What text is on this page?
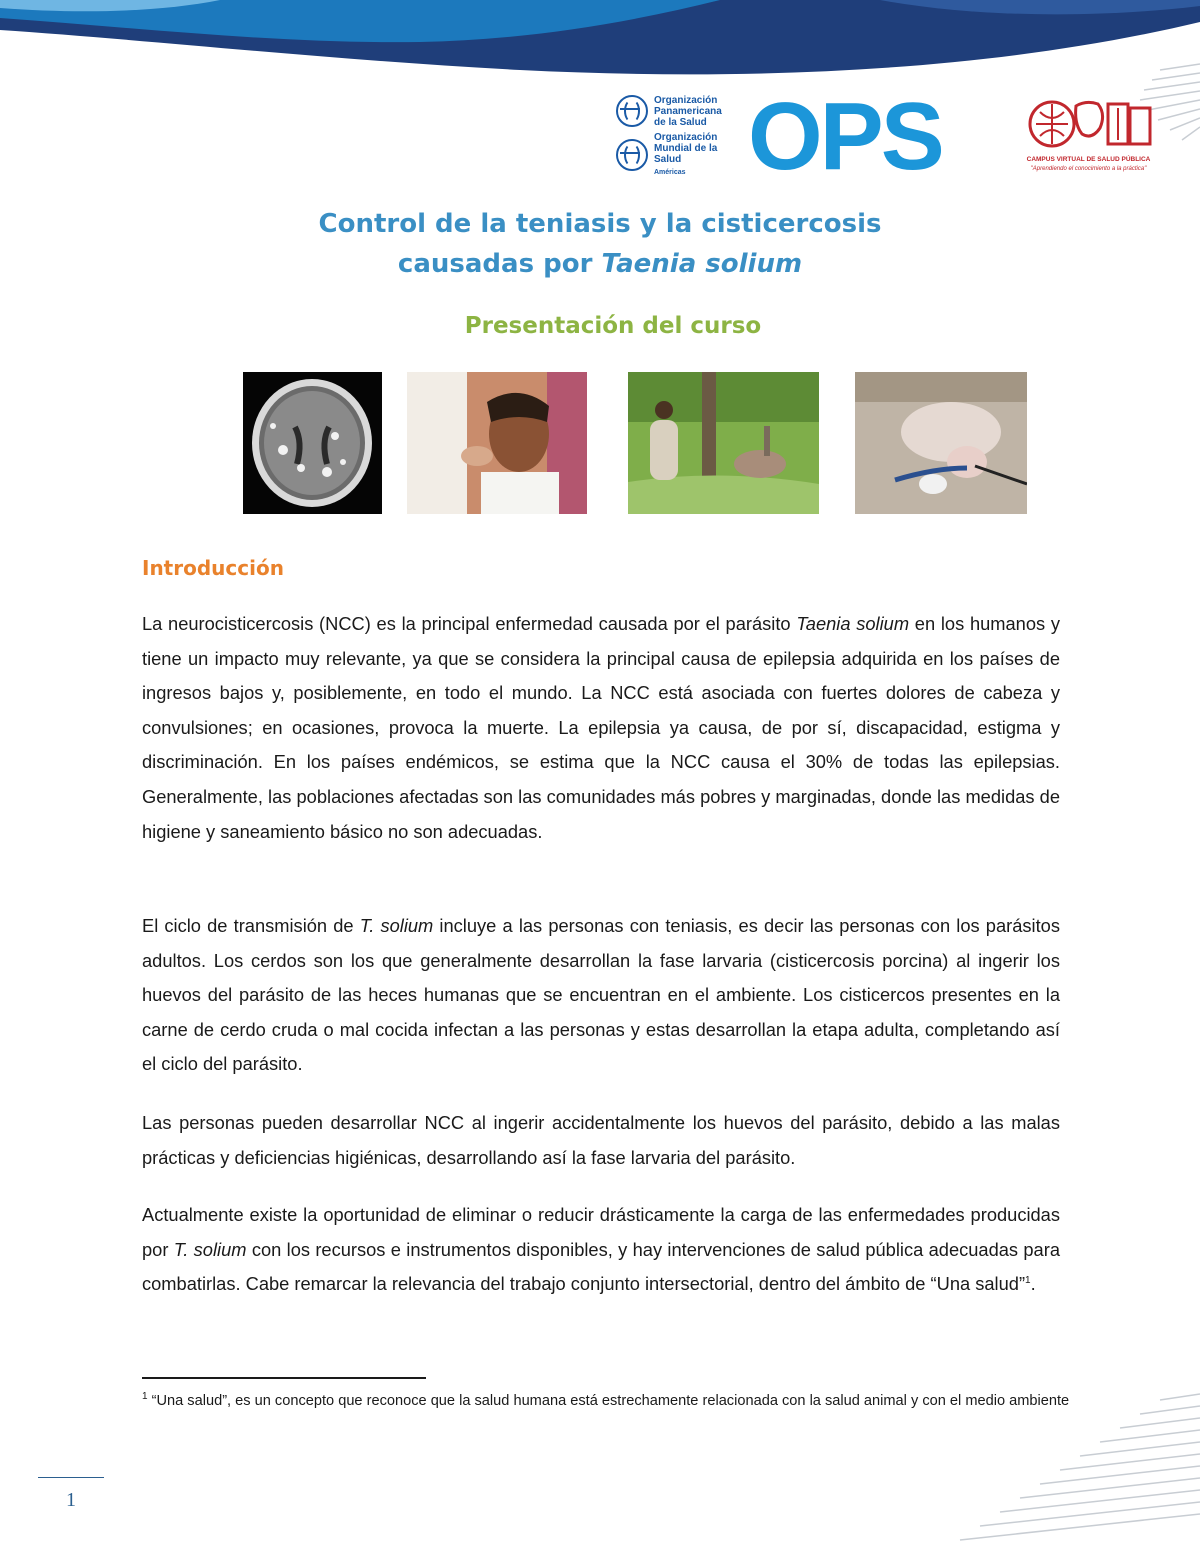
Organización
Panamericana
de la Salud
Organización
Mundial de la Salud
Américas OPS	CAMPUS VIRTUAL DE SALUD PÚBLICA
"Aprendiendo el conocimiento a la práctica"
Control de la teniasis y la cisticercosis
causadas por Taenia solium
Presentación del curso
Introducción

La neurocisticercosis (NCC) es la principal enfermedad causada por el parásito Taenia solium en los humanos y tiene un impacto muy relevante, ya que se considera la principal causa de epilepsia adquirida en los países de ingresos bajos y, posiblemente, en todo el mundo. La NCC está asociada con fuertes dolores de cabeza y convulsiones; en ocasiones, provoca la muerte. La epilepsia ya causa, de por sí, discapacidad, estigma y discriminación. En los países endémicos, se estima que la NCC causa el 30% de todas las epilepsias. Generalmente, las poblaciones afectadas son las comunidades más pobres y marginadas, donde las medidas de higiene y saneamiento básico no son adecuadas.

El ciclo de transmisión de T. solium incluye a las personas con teniasis, es decir las personas con los parásitos adultos. Los cerdos son los que generalmente desarrollan la fase larvaria (cisticercosis porcina) al ingerir los huevos del parásito de las heces humanas que se encuentran en el ambiente. Los cisticercos presentes en la carne de cerdo cruda o mal cocida infectan a las personas y estas desarrollan la etapa adulta, completando así el ciclo del parásito.

Las personas pueden desarrollar NCC al ingerir accidentalmente los huevos del parásito, debido a las malas prácticas y deficiencias higiénicas, desarrollando así la fase larvaria del parásito.

Actualmente existe la oportunidad de eliminar o reducir drásticamente la carga de las enfermedades producidas por T. solium con los recursos e instrumentos disponibles, y hay intervenciones de salud pública adecuadas para combatirlas. Cabe remarcar la relevancia del trabajo conjunto intersectorial, dentro del ámbito de “Una salud”$^1$.

$^1$ “Una salud”, es un concepto que reconoce que la salud humana está estrechamente relacionada con la salud animal y con el medio ambiente

1
